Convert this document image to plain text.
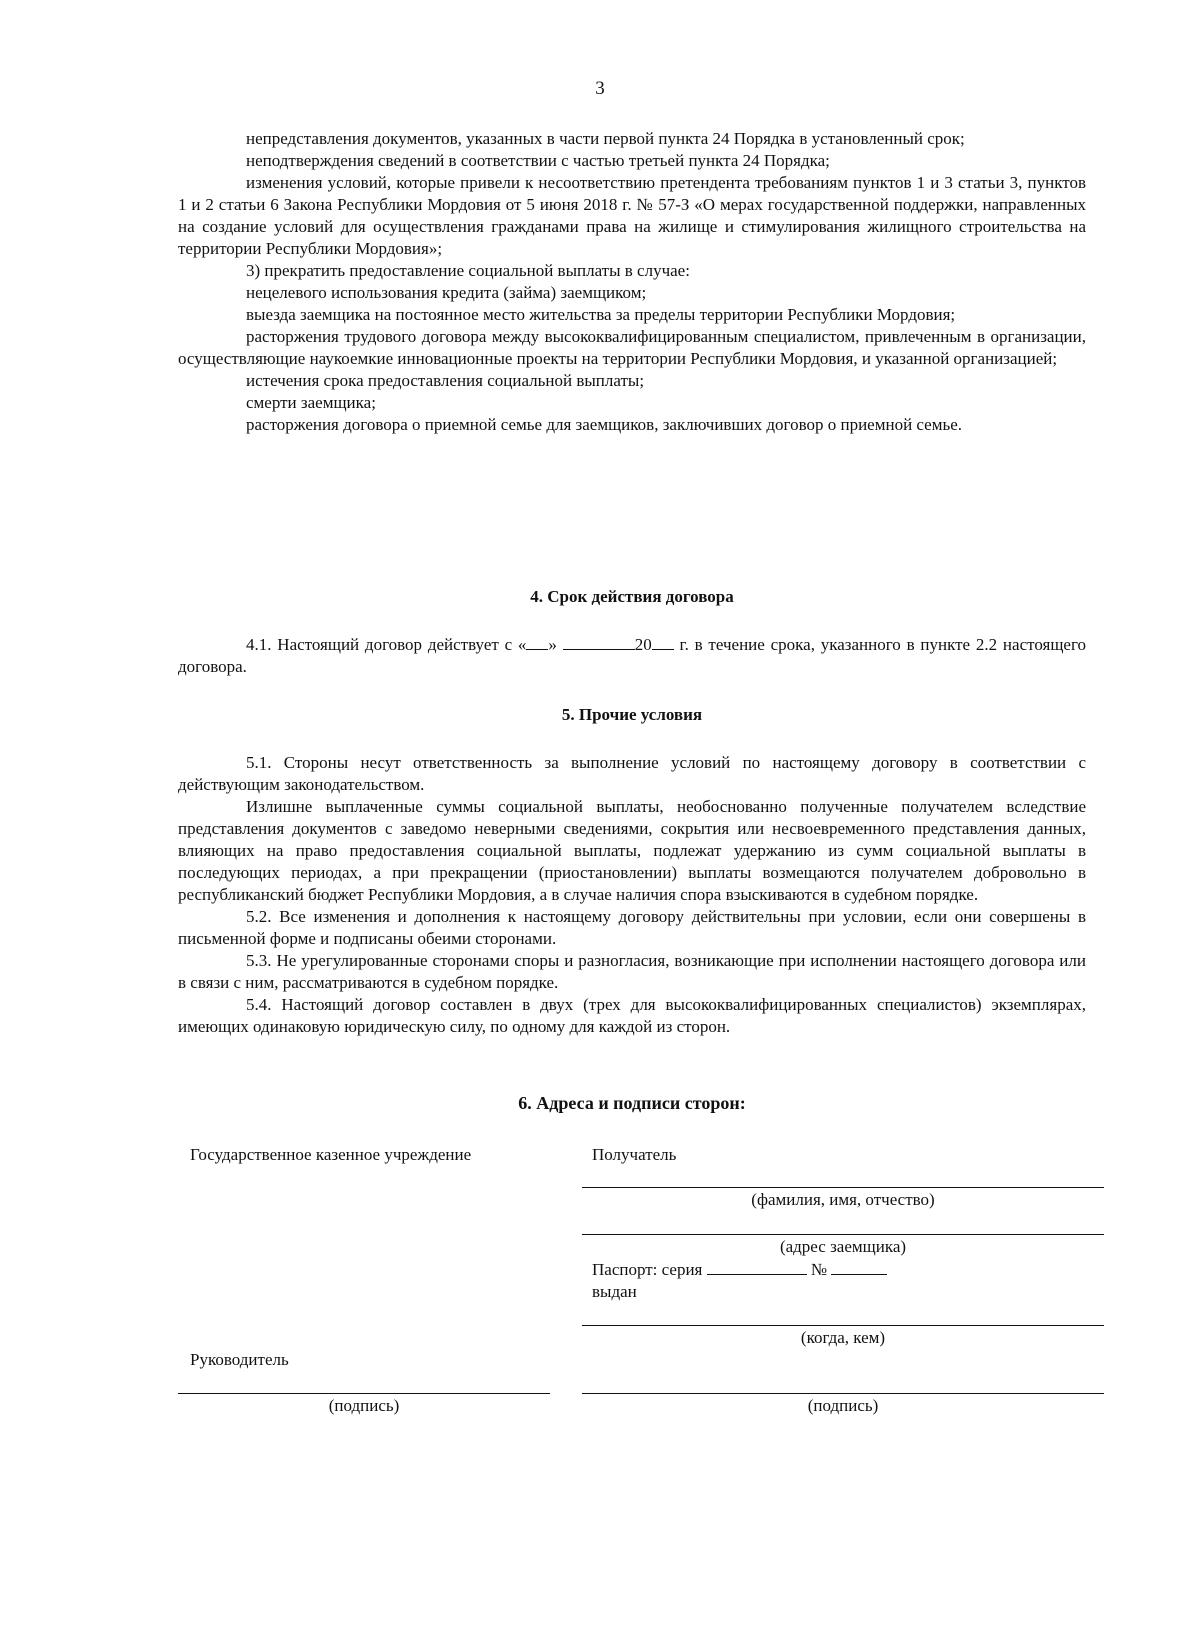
3

непредставления документов, указанных в части первой пункта 24 Порядка в установленный срок;

неподтверждения сведений в соответствии с частью третьей пункта 24 Порядка;

изменения условий, которые привели к несоответствию претендента требованиям пунктов 1 и 3 статьи 3, пунктов 1 и 2 статьи 6 Закона Республики Мордовия от 5 июня 2018 г. № 57-З «О мерах государственной поддержки, направленных на создание условий для осуществления гражданами права на жилище и стимулирования жилищного строительства на территории Республики Мордовия»;

3) прекратить предоставление социальной выплаты в случае:

нецелевого использования кредита (займа) заемщиком;

выезда заемщика на постоянное место жительства за пределы территории Республики Мордовия;

расторжения трудового договора между высококвалифицированным специалистом, привлеченным в организации, осуществляющие наукоемкие инновационные проекты на территории Республики Мордовия, и указанной организацией;

истечения срока предоставления социальной выплаты;

смерти заемщика;

расторжения договора о приемной семье для заемщиков, заключивших договор о приемной семье.

4. Срок действия договора

4.1. Настоящий договор действует с « »	20 г. в течение срока, указанного в пункте 2.2 настоящего договора.

5. Прочие условия

5.1. Стороны несут ответственность за выполнение условий по настоящему договору в соответствии с действующим законодательством.

Излишне выплаченные суммы социальной выплаты, необоснованно полученные получателем вследствие представления документов с заведомо неверными сведениями, сокрытия или несвоевременного представления данных, влияющих на право предоставления социальной выплаты, подлежат удержанию из сумм социальной выплаты в последующих периодах, а при прекращении (приостановлении) выплаты возмещаются получателем добровольно в республиканский бюджет Республики Мордовия, а в случае наличия спора взыскиваются в судебном порядке.

5.2. Все изменения и дополнения к настоящему договору действительны при условии, если они совершены в письменной форме и подписаны обеими сторонами.

5.3. Не урегулированные сторонами споры и разногласия, возникающие при исполнении настоящего договора или в связи с ним, рассматриваются в судебном порядке.

5.4. Настоящий договор составлен в двух (трех для высококвалифицированных специалистов) экземплярах, имеющих одинаковую юридическую силу, по одному для каждой из сторон.

6. Адреса и подписи сторон:
Государственное казенное учреждение	Получатель
(фамилия, имя, отчество)
(адрес заемщика)
Паспорт: серия	№
выдан
(когда, кем)
Руководитель
(подпись)	(подпись)
